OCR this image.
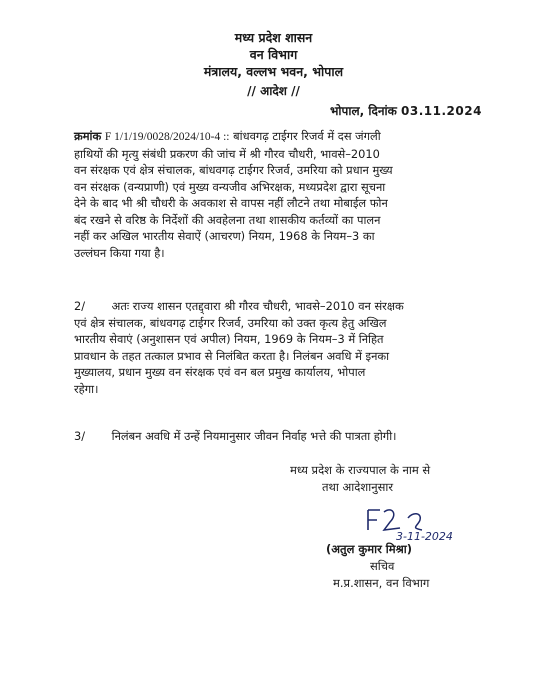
मध्य प्रदेश शासन
वन विभाग
मंत्रालय, वल्लभ भवन, भोपाल
// आदेश //
भोपाल, दिनांक 03.11.2024
क्रमांक F 1/1/19/0028/2024/10-4 :: बांधवगढ़ टाईगर रिजर्व में दस जंगली
हाथियों की मृत्यु संबंधी प्रकरण की जांच में श्री गौरव चौधरी, भावसे–2010
वन संरक्षक एवं क्षेत्र संचालक, बांधवगढ़ टाईगर रिजर्व, उमरिया को प्रधान मुख्य
वन संरक्षक (वन्यप्राणी) एवं मुख्य वन्यजीव अभिरक्षक, मध्यप्रदेश द्वारा सूचना
देने के बाद भी श्री चौधरी के अवकाश से वापस नहीं लौटने तथा मोबाईल फोन
बंद रखने से वरिष्ठ के निर्देशों की अवहेलना तथा शासकीय कर्तव्यों का पालन
नहीं कर अखिल भारतीय सेवाऐं (आचरण) नियम, 1968 के नियम–3 का
उल्लंघन किया गया है।
2/ अतः राज्य शासन एतद्द्वारा श्री गौरव चौधरी, भावसे–2010 वन संरक्षक
एवं क्षेत्र संचालक, बांधवगढ़ टाईगर रिजर्व, उमरिया को उक्त कृत्य हेतु अखिल
भारतीय सेवाएं (अनुशासन एवं अपील) नियम, 1969 के नियम–3 में निहित
प्रावधान के तहत तत्काल प्रभाव से निलंबित करता है। निलंबन अवधि में इनका
मुख्यालय, प्रधान मुख्य वन संरक्षक एवं वन बल प्रमुख कार्यालय, भोपाल
रहेगा।
3/ निलंबन अवधि में उन्हें नियमानुसार जीवन निर्वाह भत्ते की पात्रता होगी।
मध्य प्रदेश के राज्यपाल के नाम से
तथा आदेशानुसार
3-11-2024
(अतुल कुमार मिश्रा)
सचिव
म.प्र.शासन, वन विभाग
